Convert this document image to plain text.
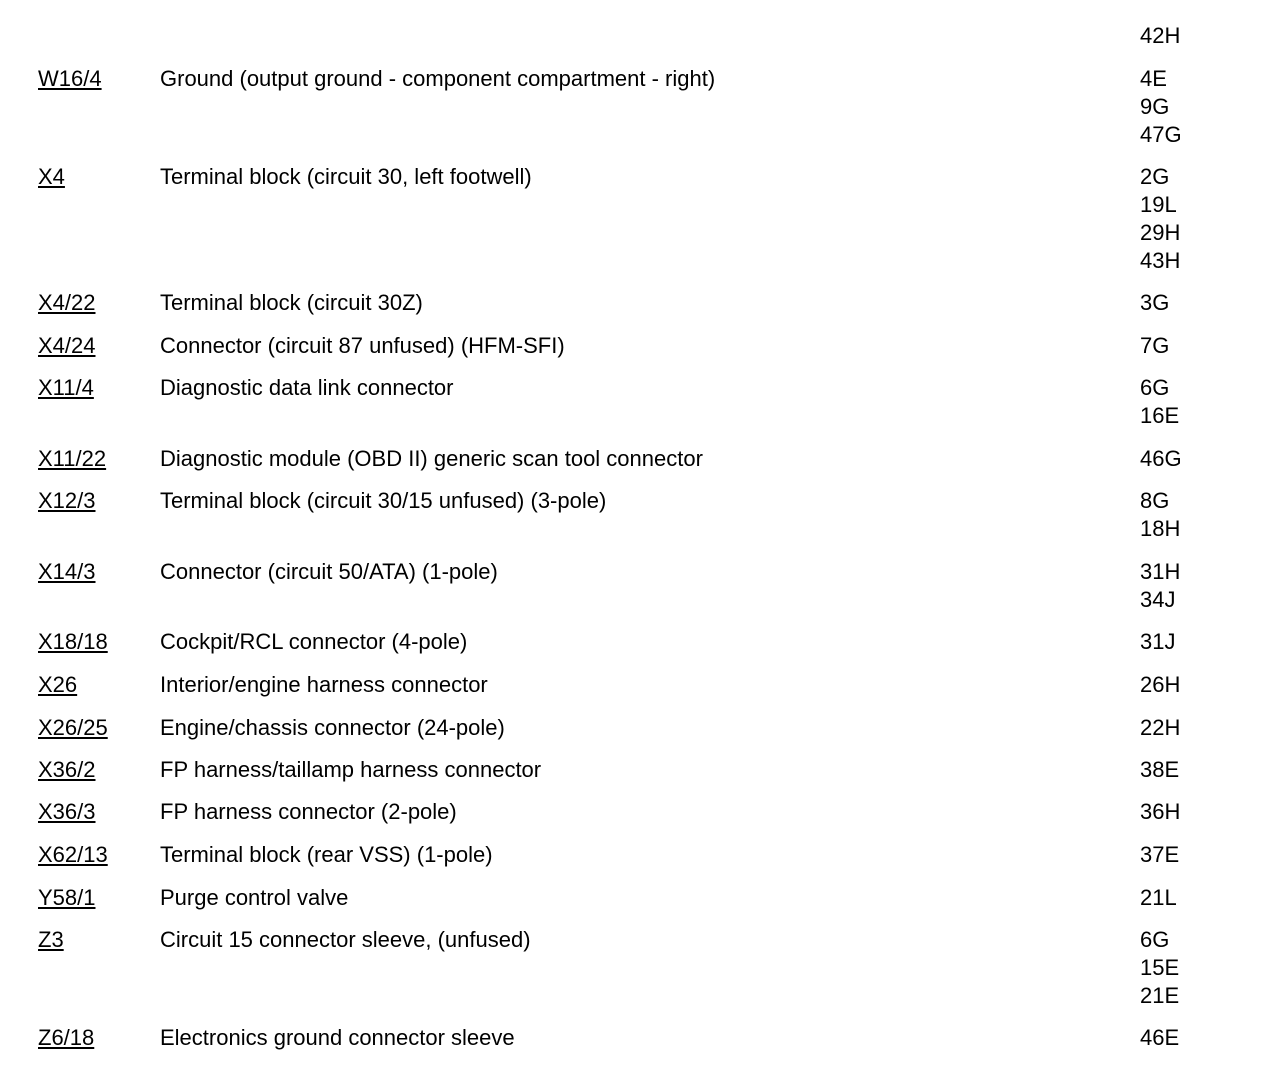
42H
W16/4	Ground (output ground - component compartment - right)	4E
9G
47G
X4	Terminal block (circuit 30, left footwell)	2G
19L
29H
43H
X4/22	Terminal block (circuit 30Z)	3G
X4/24	Connector (circuit 87 unfused) (HFM-SFI)	7G
X11/4	Diagnostic data link connector	6G
16E
X11/22 Diagnostic module (OBD II) generic scan tool connector	46G
X12/3	Terminal block (circuit 30/15 unfused) (3-pole)	8G
18H
X14/3	Connector (circuit 50/ATA) (1-pole)	31H
34J
X18/18 Cockpit/RCL connector (4-pole)	31J
X26	Interior/engine harness connector	26H
X26/25 Engine/chassis connector (24-pole)	22H
X36/2	FP harness/taillamp harness connector	38E
X36/3	FP harness connector (2-pole)	36H
X62/13 Terminal block (rear VSS) (1-pole)	37E
Y58/1	Purge control valve	21L
Z3	Circuit 15 connector sleeve, (unfused)	6G
15E
21E
Z6/18	Electronics ground connector sleeve	46E
